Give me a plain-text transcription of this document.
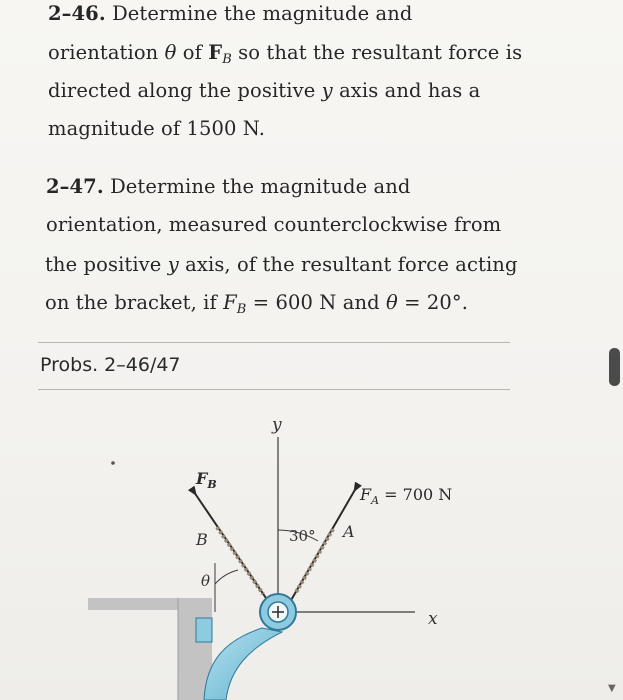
2–46. Determine the magnitude and
orientation θ of $F_B$ so that the resultant force is
directed along the positive y axis and has a
magnitude of 1500 N.
2–47. Determine the magnitude and
orientation, measured counterclockwise from
the positive y axis, of the resultant force acting
on the bracket, if $F_B = 600$ N and θ = 20°.
Probs. 2–46/47
y
x
$F_B$
$F_A = 700$ N
A
B	30°
θ
▼
